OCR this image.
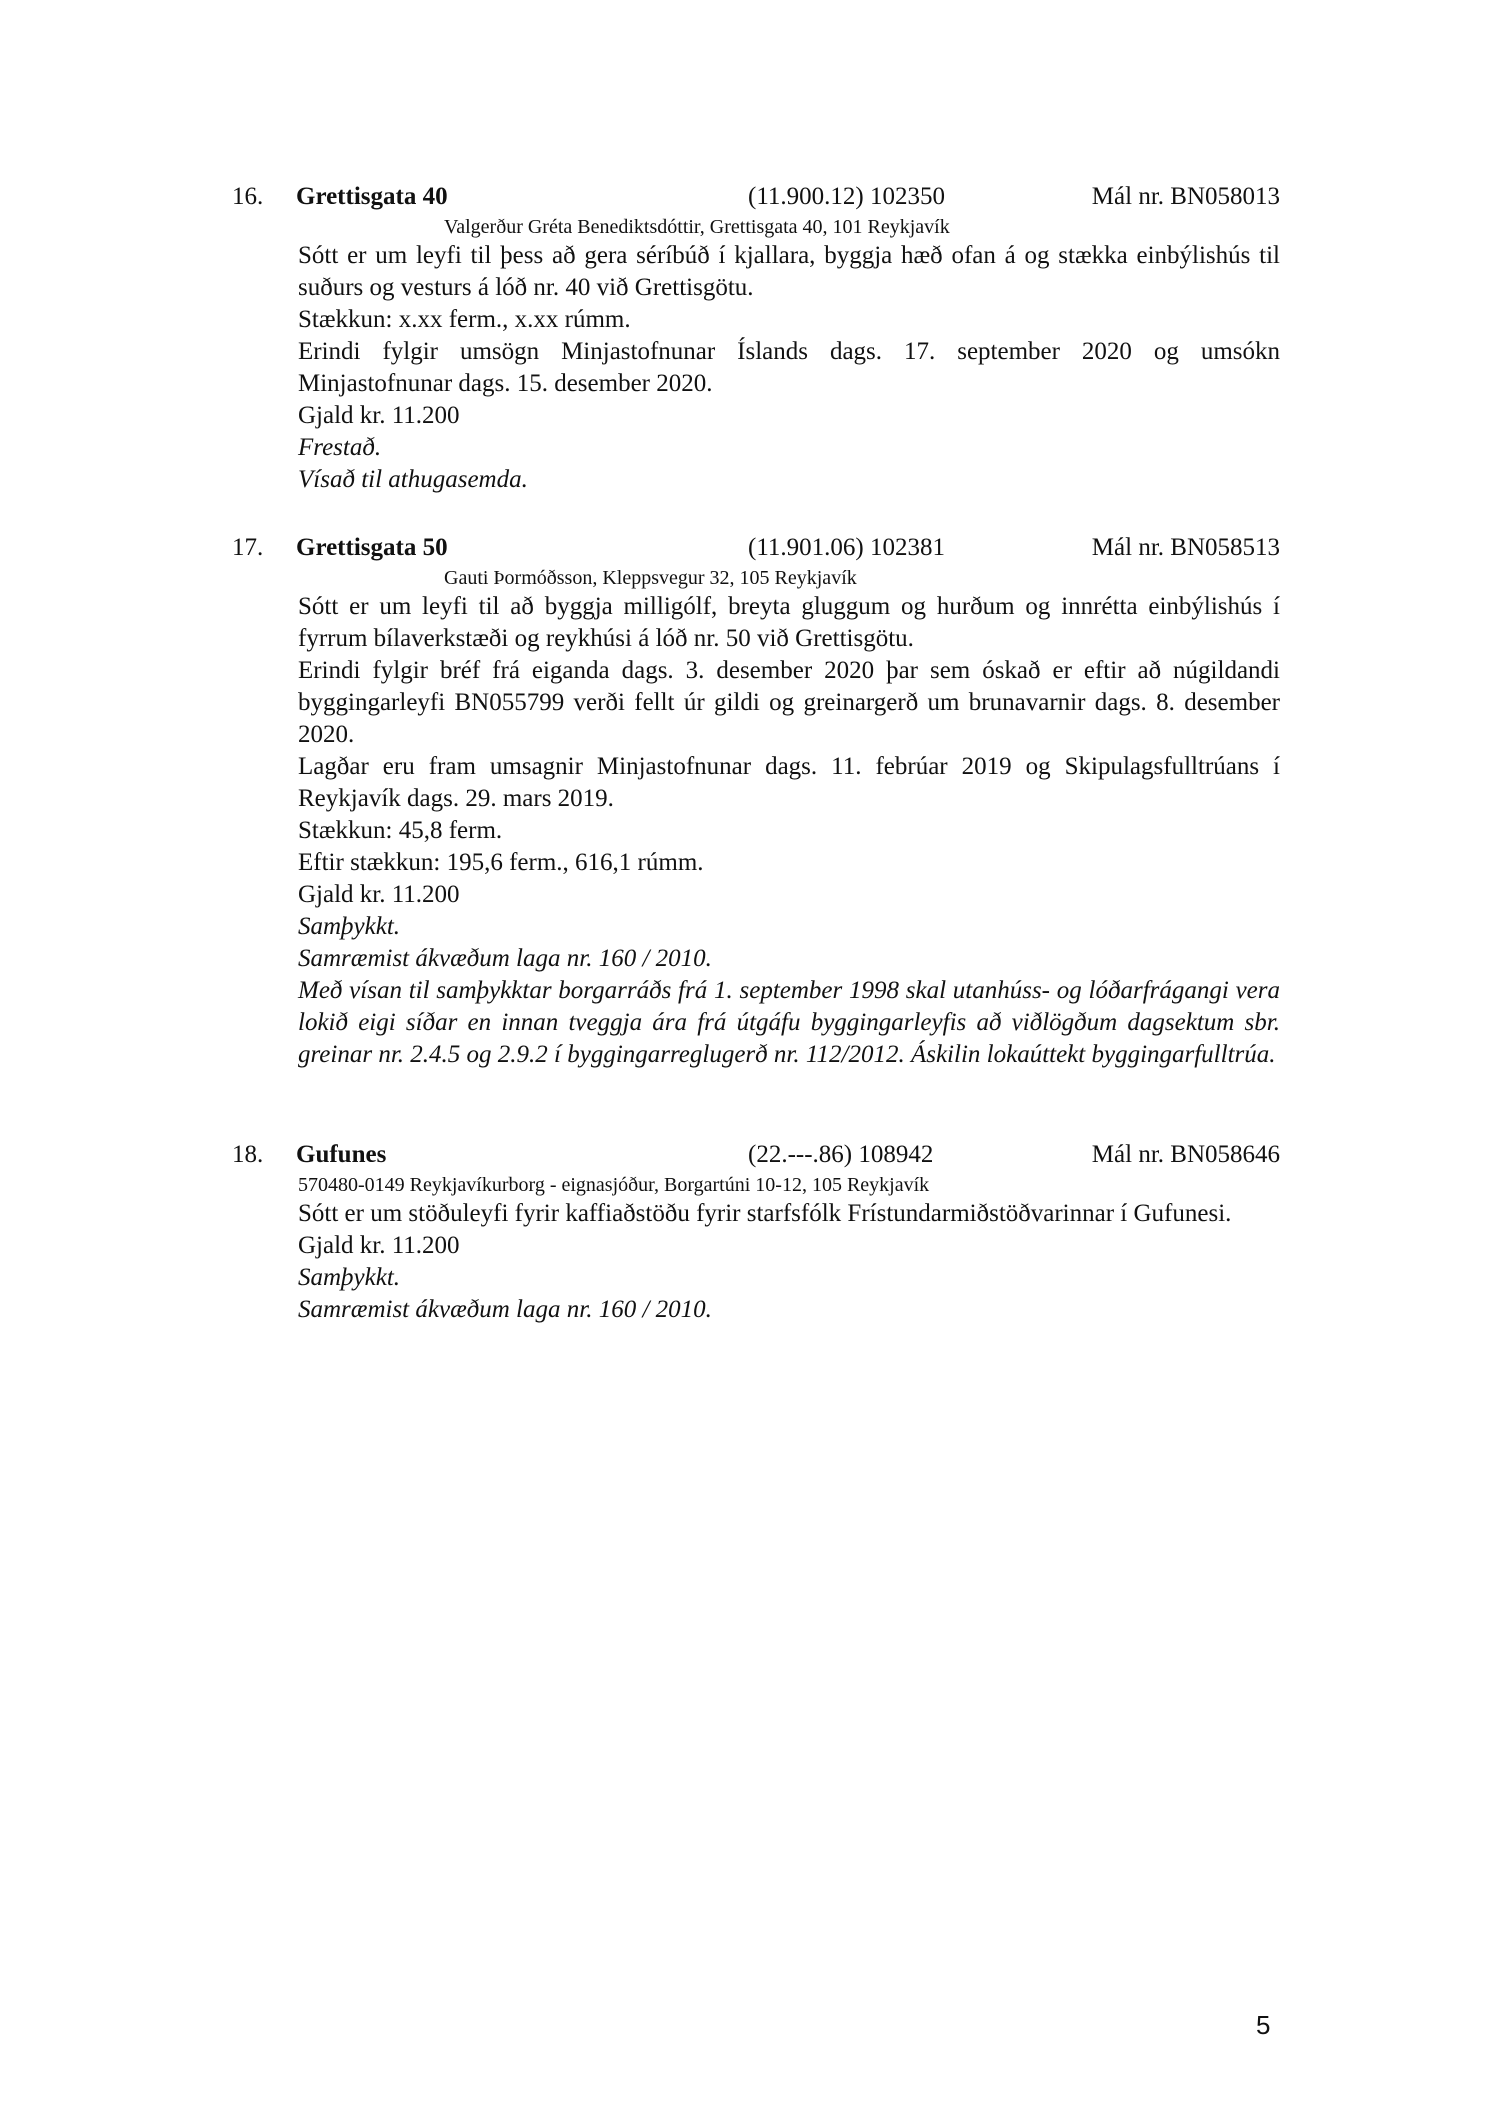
16. Grettisgata 40	(11.900.12) 102350	Mál nr. BN058013
Valgerður Gréta Benediktsdóttir, Grettisgata 40, 101 Reykjavík

Sótt er um leyfi til þess að gera séríbúð í kjallara, byggja hæð ofan á og stækka einbýlishús til suðurs og vesturs á lóð nr. 40 við Grettisgötu.

Stækkun: x.xx ferm., x.xx rúmm.

Erindi fylgir umsögn Minjastofnunar Íslands dags. 17. september 2020 og umsókn Minjastofnunar dags. 15. desember 2020.

Gjald kr. 11.200

Frestað.

Vísað til athugasemda.

17. Grettisgata 50	(11.901.06) 102381	Mál nr. BN058513
Gauti Þormóðsson, Kleppsvegur 32, 105 Reykjavík

Sótt er um leyfi til að byggja milligólf, breyta gluggum og hurðum og innrétta einbýlishús í fyrrum bílaverkstæði og reykhúsi á lóð nr. 50 við Grettisgötu.

Erindi fylgir bréf frá eiganda dags. 3. desember 2020 þar sem óskað er eftir að núgildandi byggingarleyfi BN055799 verði fellt úr gildi og greinargerð um brunavarnir dags. 8. desember 2020.

Lagðar eru fram umsagnir Minjastofnunar dags. 11. febrúar 2019 og Skipulagsfulltrúans í Reykjavík dags. 29. mars 2019.

Stækkun: 45,8 ferm.

Eftir stækkun: 195,6 ferm., 616,1 rúmm.

Gjald kr. 11.200

Samþykkt.

Samræmist ákvæðum laga nr. 160 / 2010.

Með vísan til samþykktar borgarráðs frá 1. september 1998 skal utanhúss- og lóðarfrágangi vera lokið eigi síðar en innan tveggja ára frá útgáfu byggingarleyfis að viðlögðum dagsektum sbr. greinar nr. 2.4.5 og 2.9.2 í byggingarreglugerð nr. 112/2012. Áskilin lokaúttekt byggingarfulltrúa.

18. Gufunes	(22.---.86) 108942	Mál nr. BN058646
570480-0149 Reykjavíkurborg - eignasjóður, Borgartúni 10-12, 105 Reykjavík

Sótt er um stöðuleyfi fyrir kaffiaðstöðu fyrir starfsfólk Frístundarmiðstöðvarinnar í Gufunesi.

Gjald kr. 11.200

Samþykkt.

Samræmist ákvæðum laga nr. 160 / 2010.

5
